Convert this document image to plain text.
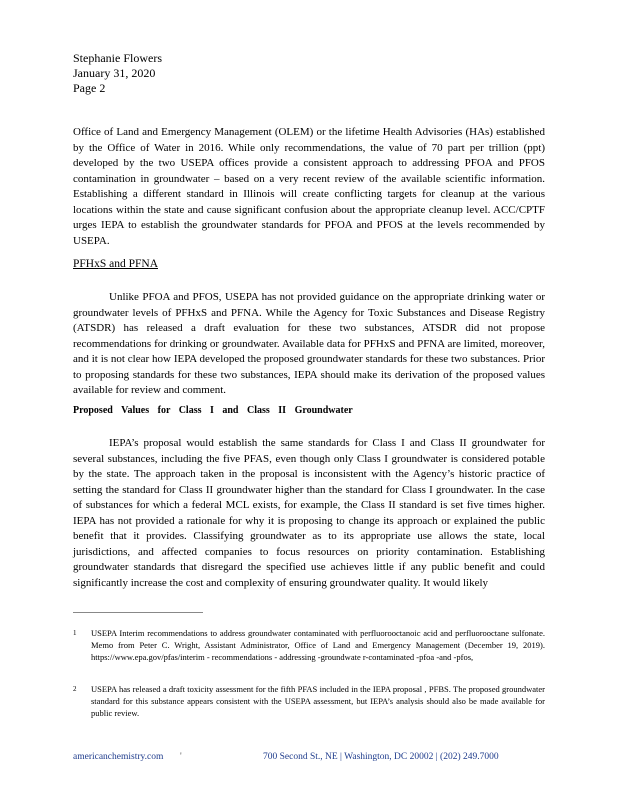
Stephanie Flowers
January 31, 2020
Page 2
Office of Land and Emergency Management (OLEM) or the lifetime Health Advisories (HAs) established by the Office of Water in 2016. While only recommendations, the value of 70 part per trillion (ppt) developed by the two USEPA offices provide a consistent approach to addressing PFOA and PFOS contamination in groundwater – based on a very recent review of the available scientific information. Establishing a different standard in Illinois will create conflicting targets for cleanup at the various locations within the state and cause significant confusion about the appropriate cleanup level. ACC/CPTF urges IEPA to establish the groundwater standards for PFOA and PFOS at the levels recommended by USEPA.
PFHxS and PFNA
Unlike PFOA and PFOS, USEPA has not provided guidance on the appropriate drinking water or groundwater levels of PFHxS and PFNA. While the Agency for Toxic Substances and Disease Registry (ATSDR) has released a draft evaluation for these two substances, ATSDR did not propose recommendations for drinking or groundwater. Available data for PFHxS and PFNA are limited, moreover, and it is not clear how IEPA developed the proposed groundwater standards for these two substances. Prior to proposing standards for these two substances, IEPA should make its derivation of the proposed values available for review and comment.
Proposed Values for Class I and Class II Groundwater
IEPA’s proposal would establish the same standards for Class I and Class II groundwater for several substances, including the five PFAS, even though only Class I groundwater is considered potable by the state. The approach taken in the proposal is inconsistent with the Agency’s historic practice of setting the standard for Class II groundwater higher than the standard for Class I groundwater. In the case of substances for which a federal MCL exists, for example, the Class II standard is set five times higher. IEPA has not provided a rationale for why it is proposing to change its approach or explained the public benefit that it provides. Classifying groundwater as to its appropriate use allows the state, local jurisdictions, and affected companies to focus resources on priority contamination. Establishing groundwater standards that disregard the specified use achieves little if any public benefit and could significantly increase the cost and complexity of ensuring groundwater quality. It would likely
1 USEPA Interim recommendations to address groundwater contaminated with perfluorooctanoic acid and perfluorooctane sulfonate. Memo from Peter C. Wright, Assistant Administrator, Office of Land and Emergency Management (December 19, 2019). https://www.epa.gov/pfas/interim - recommendations - addressing -groundwate r-contaminated -pfoa -and -pfos,
2 USEPA has released a draft toxicity assessment for the fifth PFAS included in the IEPA proposal , PFBS. The proposed groundwater standard for this substance appears consistent with the USEPA assessment, but IEPA’s analysis should also be made available for public review.
americanchemistry.com '	700 Second St., NE | Washington, DC 20002 | (202) 249.7000
